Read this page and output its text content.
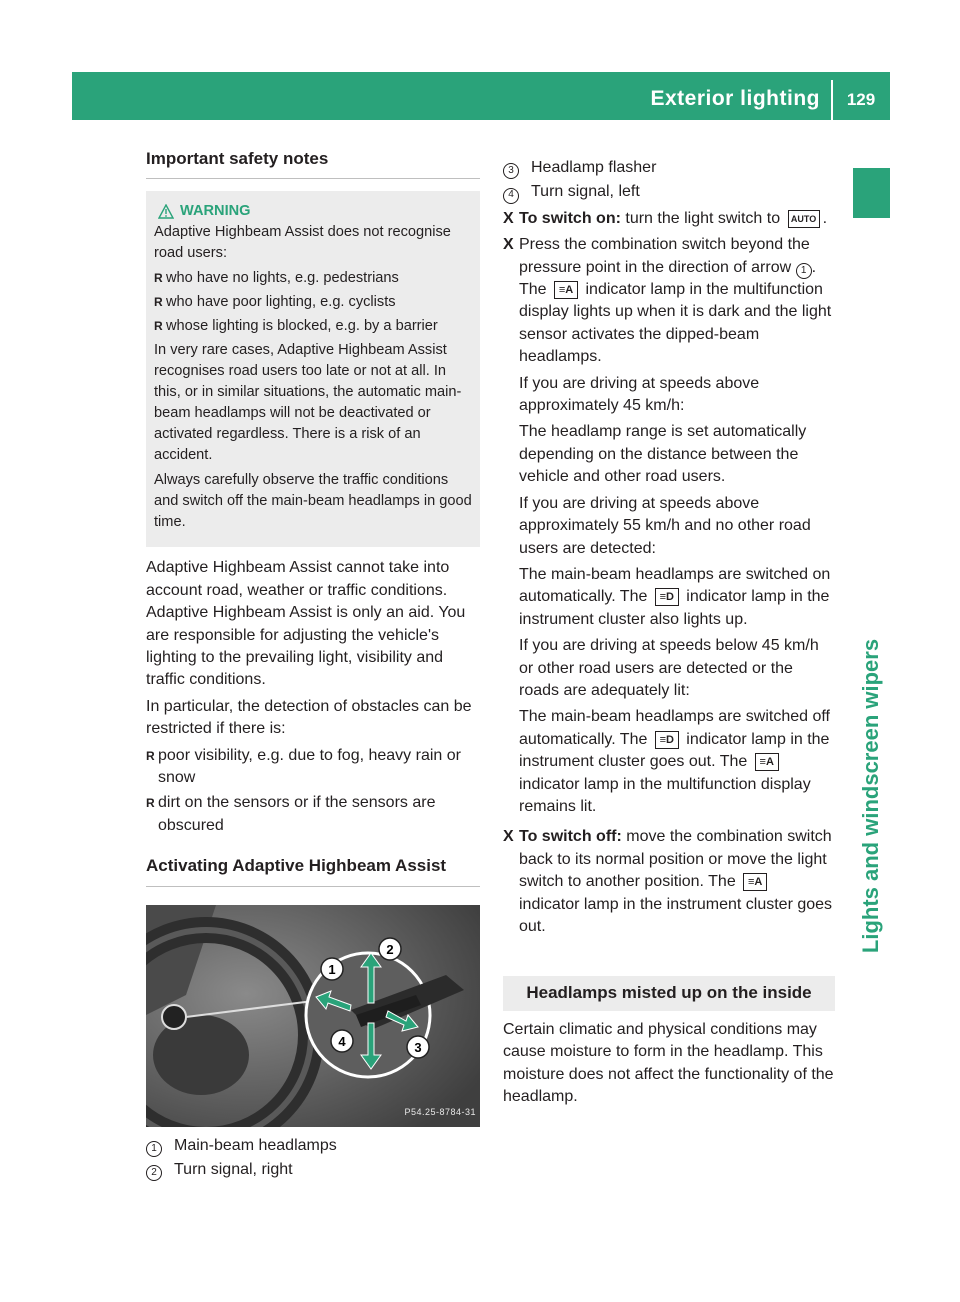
Exterior lighting	129
Lights and windscreen wipers
Important safety notes
WARNING

Adaptive Highbeam Assist does not recognise road users:

R who have no lights, e.g. pedestrians
R who have poor lighting, e.g. cyclists
R whose lighting is blocked, e.g. by a barrier

In very rare cases, Adaptive Highbeam Assist recognises road users too late or not at all. In this, or in similar situations, the automatic main-beam headlamps will not be deactivated or activated regardless. There is a risk of an accident.

Always carefully observe the traffic conditions and switch off the main-beam headlamps in good time.

Adaptive Highbeam Assist cannot take into account road, weather or traffic conditions. Adaptive Highbeam Assist is only an aid. You are responsible for adjusting the vehicle's lighting to the prevailing light, visibility and traffic conditions.

In particular, the detection of obstacles can be restricted if there is:

R poor visibility, e.g. due to fog, heavy rain or snow
R dirt on the sensors or if the sensors are obscured
Activating Adaptive Highbeam Assist
1
2
3
4
P54.25-8784-31
1	Main-beam headlamps
2	Turn signal, right
3	Headlamp flasher
4	Turn signal, left
X To switch on: turn the light switch to AUTO .
X Press the combination switch beyond the pressure point in the direction of arrow 1 . The ≡A indicator lamp in the multifunction display lights up when it is dark and the light sensor activates the dipped-beam headlamps.

If you are driving at speeds above approximately 45 km/h:

The headlamp range is set automatically depending on the distance between the vehicle and other road users.

If you are driving at speeds above approximately 55 km/h and no other road users are detected:

The main-beam headlamps are switched on automatically. The ≡D indicator lamp in the instrument cluster also lights up.

If you are driving at speeds below 45 km/h or other road users are detected or the roads are adequately lit:

The main-beam headlamps are switched off automatically. The ≡D indicator lamp in the instrument cluster goes out. The ≡A indicator lamp in the multifunction display remains lit.

X To switch off: move the combination switch back to its normal position or move the light switch to another position. The ≡A indicator lamp in the instrument cluster goes out.
Headlamps misted up on the inside

Certain climatic and physical conditions may cause moisture to form in the headlamp. This moisture does not affect the functionality of the headlamp.
